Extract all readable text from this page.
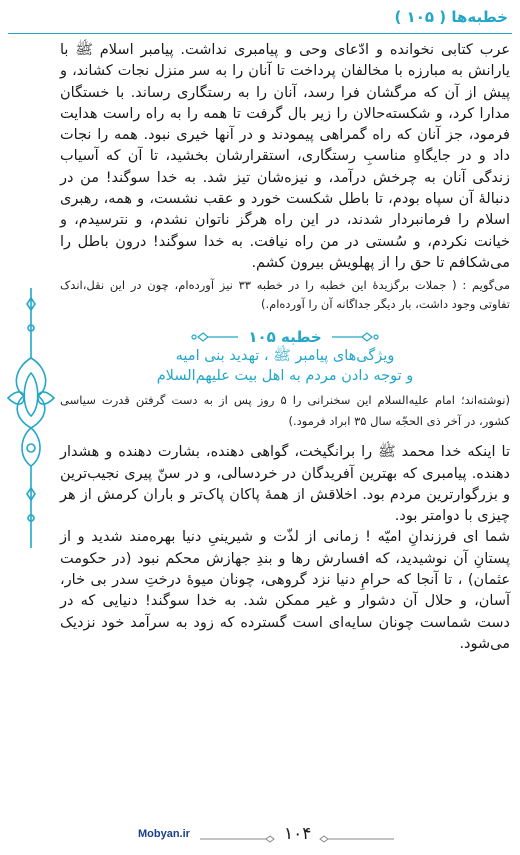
خطبه‌ها ( ۱۰۵ )

عرب کتابی نخوانده و ادّعای وحی و پیامبری نداشت. پیامبر اسلام ﷺ با یارانش به مبارزه با مخالفان پرداخت تا آنان را به سر منزل نجات کشاند، و پیش از آن که مرگشان فرا رسد، آنان را به رستگاری رساند. با خستگان مدارا کرد، و شکسته‌حالان را زیر بال گرفت تا همه را به راه راست هدایت فرمود، جز آنان که راه گمراهی پیمودند و در آنها خیری نبود. همه را نجات داد و در جایگاهِ مناسبِ رستگاری، استقرارشان بخشید، تا آن که آسیاب زندگی آنان به چرخش درآمد، و نیزه‌شان تیز شد. به خدا سوگند! من در دنبالهٔ آن سپاه بودم، تا باطل شکست خورد و عقب نشست، و همه، رهبری اسلام را فرمانبردار شدند، در این راه هرگز ناتوان نشدم، و نترسیدم، و خیانت نکردم، و سُستی در من راه نیافت. به خدا سوگند! درون باطل را می‌شکافم تا حق را از پهلویش بیرون کشم.

می‌گویم : ( جملات برگزیدهٔ این خطبه را در خطبه ۳۳ نیز آورده‌ام، چون در این نقل،اندک تفاوتی وجود داشت، بار دیگر جداگانه آن را آورده‌ام.)

خطبه ۱۰۵
ویژگی‌های پیامبر ﷺ ، تهدید بنی امیه
و توجه دادن مردم به اهل بیت علیهم‌السلام

(نوشته‌اند؛ امام علیه‌السلام این سخنرانی را ۵ روز پس از به دست گرفتن قدرت سیاسی کشور، در آخر ذی الحجّه سال ۳۵ ابراد فرمود.)

تا اینکه خدا محمد ﷺ را برانگیخت، گواهی دهنده، بشارت دهنده و هشدار دهنده. پیامبری که بهترین آفریدگان در خردسالی، و در سنّ پیری نجیب‌ترین و بزرگوارترین مردم بود. اخلاقش از همهٔ پاکان پاک‌تر و باران کرمش از هر چیزی با دوامتر بود.

شما ای فرزندانِ امیّه ! زمانی از لذّت و شیرینیِ دنیا بهره‌مند شدید و از پستانِ آن نوشیدید، که افسارش رها و بندِ جهازش محکم نبود (در حکومت عثمان) ، تا آنجا که حرامِ دنیا نزد گروهی، چونان میوهٔ درختِ سدر بی خار، آسان، و حلال آن دشوار و غیر ممکن شد. به خدا سوگند! دنیایی که در دست شماست چونان سایه‌ای است گسترده که زود به سرآمد خود نزدیک می‌شود.

Mobyan.ir	۱۰۴
